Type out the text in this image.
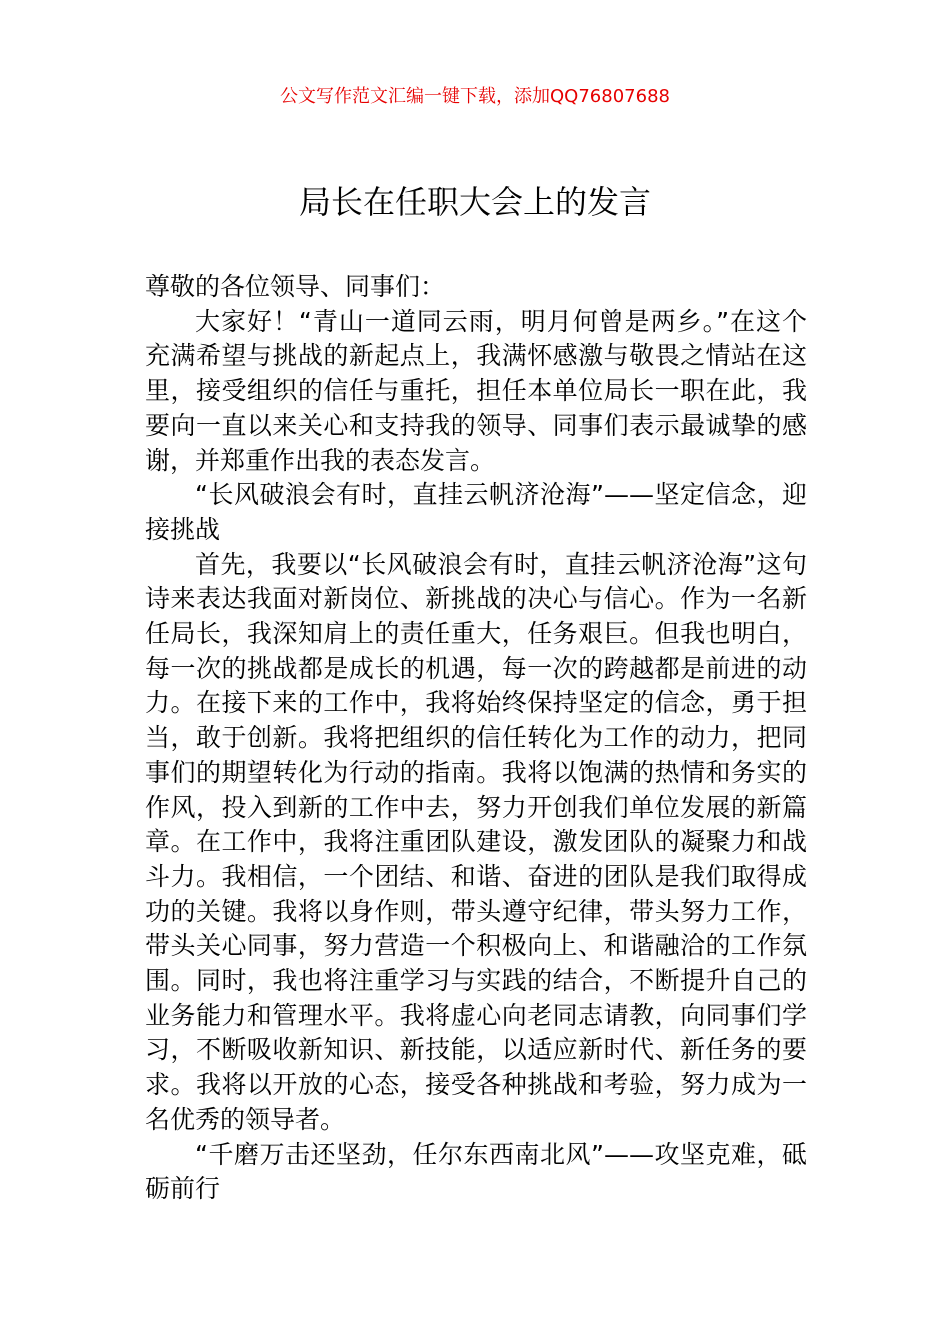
公文写作范文汇编一键下载，添加QQ76807688
局长在任职大会上的发言

尊敬的各位领导、同事们：

大家好！“青山一道同云雨，明月何曾是两乡。”在这个充满希望与挑战的新起点上，我满怀感激与敬畏之情站在这里，接受组织的信任与重托，担任本单位局长一职在此，我要向一直以来关心和支持我的领导、同事们表示最诚挚的感谢，并郑重作出我的表态发言。

“长风破浪会有时，直挂云帆济沧海”——坚定信念，迎接挑战

首先，我要以“长风破浪会有时，直挂云帆济沧海”这句诗来表达我面对新岗位、新挑战的决心与信心。作为一名新任局长，我深知肩上的责任重大，任务艰巨。但我也明白，每一次的挑战都是成长的机遇，每一次的跨越都是前进的动力。在接下来的工作中，我将始终保持坚定的信念，勇于担当，敢于创新。我将把组织的信任转化为工作的动力，把同事们的期望转化为行动的指南。我将以饱满的热情和务实的作风，投入到新的工作中去，努力开创我们单位发展的新篇章。在工作中，我将注重团队建设，激发团队的凝聚力和战斗力。我相信，一个团结、和谐、奋进的团队是我们取得成功的关键。我将以身作则，带头遵守纪律，带头努力工作，带头关心同事，努力营造一个积极向上、和谐融洽的工作氛围。同时，我也将注重学习与实践的结合，不断提升自己的业务能力和管理水平。我将虚心向老同志请教，向同事们学习，不断吸收新知识、新技能，以适应新时代、新任务的要求。我将以开放的心态，接受各种挑战和考验，努力成为一名优秀的领导者。

“千磨万击还坚劲，任尔东西南北风”——攻坚克难，砥砺前行
